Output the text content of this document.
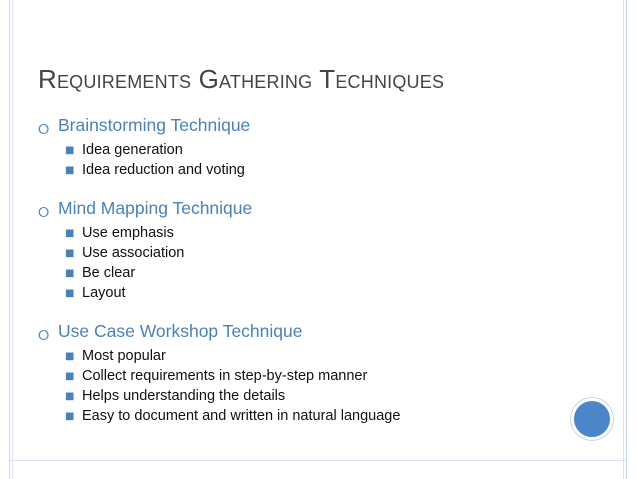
Requirements Gathering Techniques
⭘ Brainstorming Technique
■ Idea generation
■ Idea reduction and voting
⭘ Mind Mapping Technique
■ Use emphasis
■ Use association
■ Be clear
■ Layout
⭘ Use Case Workshop Technique
■ Most popular
■ Collect requirements in step-by-step manner
■ Helps understanding the details
■ Easy to document and written in natural language
